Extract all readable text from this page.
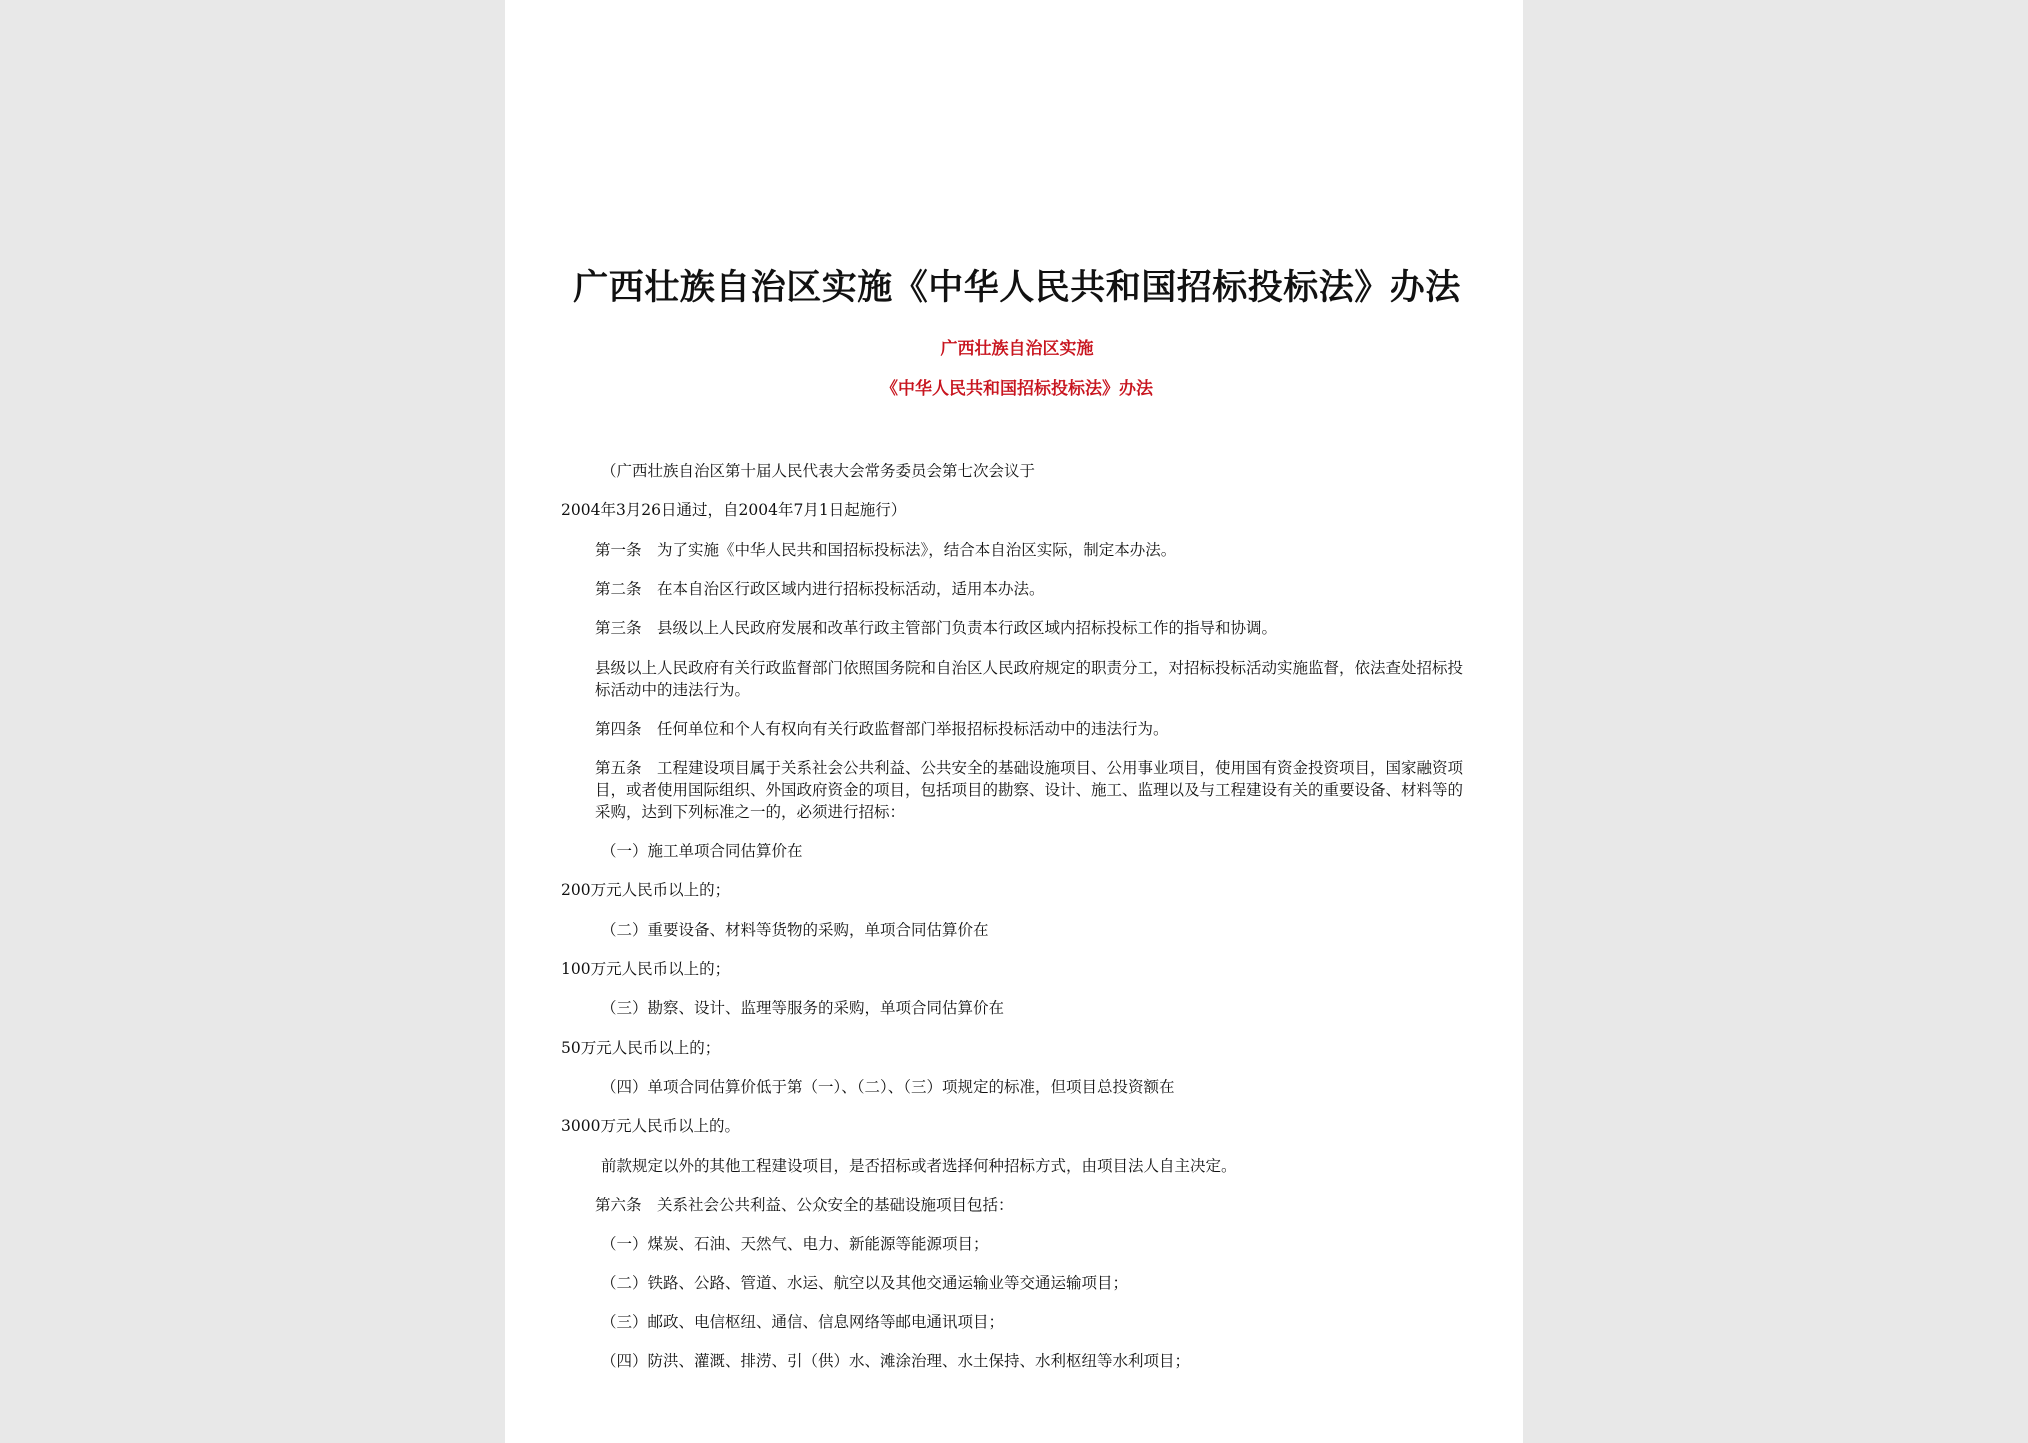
广西壮族自治区实施《中华人民共和国招标投标法》办法

广西壮族自治区实施

《中华人民共和国招标投标法》办法

（广西壮族自治区第十届人民代表大会常务委员会第七次会议于

2004年3月26日通过，自2004年7月1日起施行）

第一条　为了实施《中华人民共和国招标投标法》，结合本自治区实际，制定本办法。

第二条　在本自治区行政区域内进行招标投标活动，适用本办法。

第三条　县级以上人民政府发展和改革行政主管部门负责本行政区域内招标投标工作的指导和协调。

县级以上人民政府有关行政监督部门依照国务院和自治区人民政府规定的职责分工，对招标投标活动实施监督，依法查处招标投标活动中的违法行为。

第四条　任何单位和个人有权向有关行政监督部门举报招标投标活动中的违法行为。

第五条　工程建设项目属于关系社会公共利益、公共安全的基础设施项目、公用事业项目，使用国有资金投资项目，国家融资项目，或者使用国际组织、外国政府资金的项目，包括项目的勘察、设计、施工、监理以及与工程建设有关的重要设备、材料等的采购，达到下列标准之一的，必须进行招标：

（一）施工单项合同估算价在

200万元人民币以上的；

（二）重要设备、材料等货物的采购，单项合同估算价在

100万元人民币以上的；

（三）勘察、设计、监理等服务的采购，单项合同估算价在

50万元人民币以上的；

（四）单项合同估算价低于第（一）、（二）、（三）项规定的标准，但项目总投资额在

3000万元人民币以上的。

前款规定以外的其他工程建设项目，是否招标或者选择何种招标方式，由项目法人自主决定。

第六条　关系社会公共利益、公众安全的基础设施项目包括：

（一）煤炭、石油、天然气、电力、新能源等能源项目；

（二）铁路、公路、管道、水运、航空以及其他交通运输业等交通运输项目；

（三）邮政、电信枢纽、通信、信息网络等邮电通讯项目；

（四）防洪、灌溉、排涝、引（供）水、滩涂治理、水土保持、水利枢纽等水利项目；
